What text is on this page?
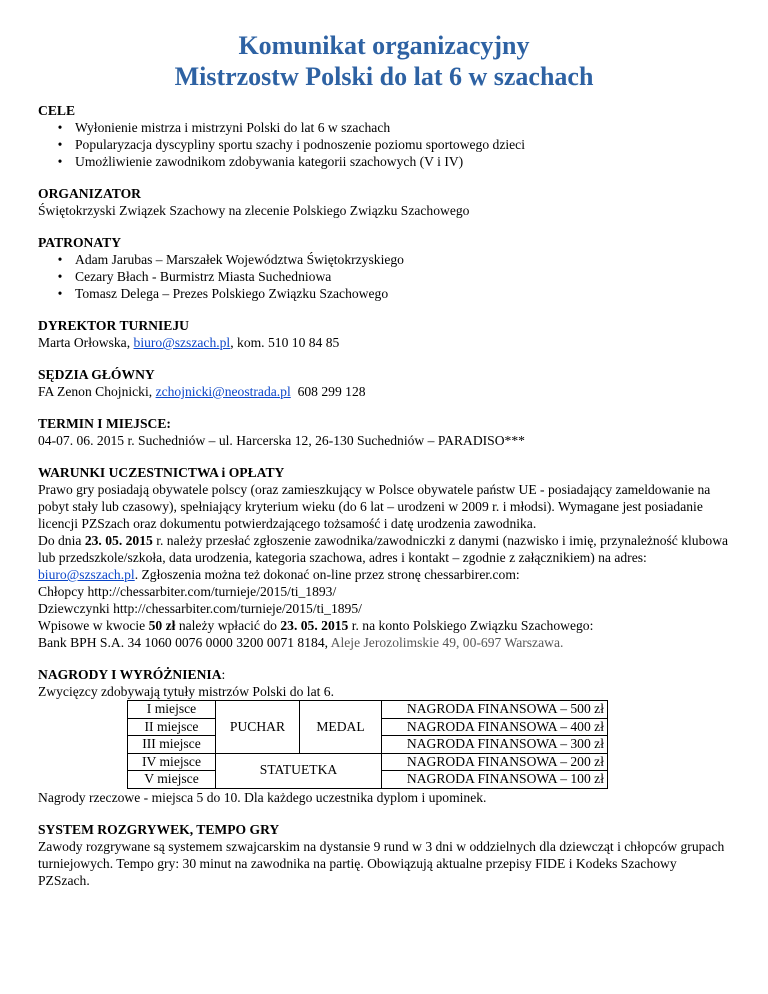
Komunikat organizacyjny
Mistrzostw Polski do lat 6 w szachach
CELE
• Wyłonienie mistrza i mistrzyni Polski do lat 6 w szachach
• Popularyzacja dyscypliny sportu szachy i podnoszenie poziomu sportowego dzieci
• Umożliwienie zawodnikom zdobywania kategorii szachowych (V i IV)
ORGANIZATOR

Świętokrzyski Związek Szachowy na zlecenie Polskiego Związku Szachowego

PATRONATY
• Adam Jarubas – Marszałek Województwa Świętokrzyskiego
• Cezary Błach - Burmistrz Miasta Suchedniowa
• Tomasz Delega – Prezes Polskiego Związku Szachowego
DYREKTOR TURNIEJU

Marta Orłowska, biuro@szszach.pl, kom. 510 10 84 85

SĘDZIA GŁÓWNY

FA Zenon Chojnicki, zchojnicki@neostrada.pl  608 299 128

TERMIN I MIEJSCE:

04-07. 06. 2015 r. Suchedniów – ul. Harcerska 12, 26-130 Suchedniów – PARADISO***

WARUNKI UCZESTNICTWA i OPŁATY

Prawo gry posiadają obywatele polscy (oraz zamieszkujący w Polsce obywatele państw UE - posiadający zameldowanie na pobyt stały lub czasowy), spełniający kryterium wieku (do 6 lat – urodzeni w 2009 r. i młodsi). Wymagane jest posiadanie licencji PZSzach oraz dokumentu potwierdzającego tożsamość i datę urodzenia zawodnika.

Do dnia 23. 05. 2015 r. należy przesłać zgłoszenie zawodnika/zawodniczki z danymi (nazwisko i imię, przynależność klubowa lub przedszkole/szkoła, data urodzenia, kategoria szachowa, adres i kontakt – zgodnie z załącznikiem) na adres: biuro@szszach.pl. Zgłoszenia można też dokonać on-line przez stronę chessarbirer.com:

Chłopcy http://chessarbiter.com/turnieje/2015/ti_1893/

Dziewczynki http://chessarbiter.com/turnieje/2015/ti_1895/

Wpisowe w kwocie 50 zł należy wpłacić do 23. 05. 2015 r. na konto Polskiego Związku Szachowego:

Bank BPH S.A. 34 1060 0076 0000 3200 0071 8184, Aleje Jerozolimskie 49, 00-697 Warszawa.

NAGRODY I WYRÓŻNIENIA:

Zwycięzcy zdobywają tytuły mistrzów Polski do lat 6.

I miejsce	PUCHAR	MEDAL	NAGRODA FINANSOWA – 500 zł
II miejsce			NAGRODA FINANSOWA – 400 zł
III miejsce			NAGRODA FINANSOWA – 300 zł
IV miejsce	STATUETKA		NAGRODA FINANSOWA – 200 zł
V miejsce			NAGRODA FINANSOWA – 100 zł

Nagrody rzeczowe - miejsca 5 do 10. Dla każdego uczestnika dyplom i upominek.

SYSTEM ROZGRYWEK, TEMPO GRY

Zawody rozgrywane są systemem szwajcarskim na dystansie 9 rund w 3 dni w oddzielnych dla dziewcząt i chłopców grupach turniejowych. Tempo gry: 30 minut na zawodnika na partię. Obowiązują aktualne przepisy FIDE i Kodeks Szachowy PZSzach.
